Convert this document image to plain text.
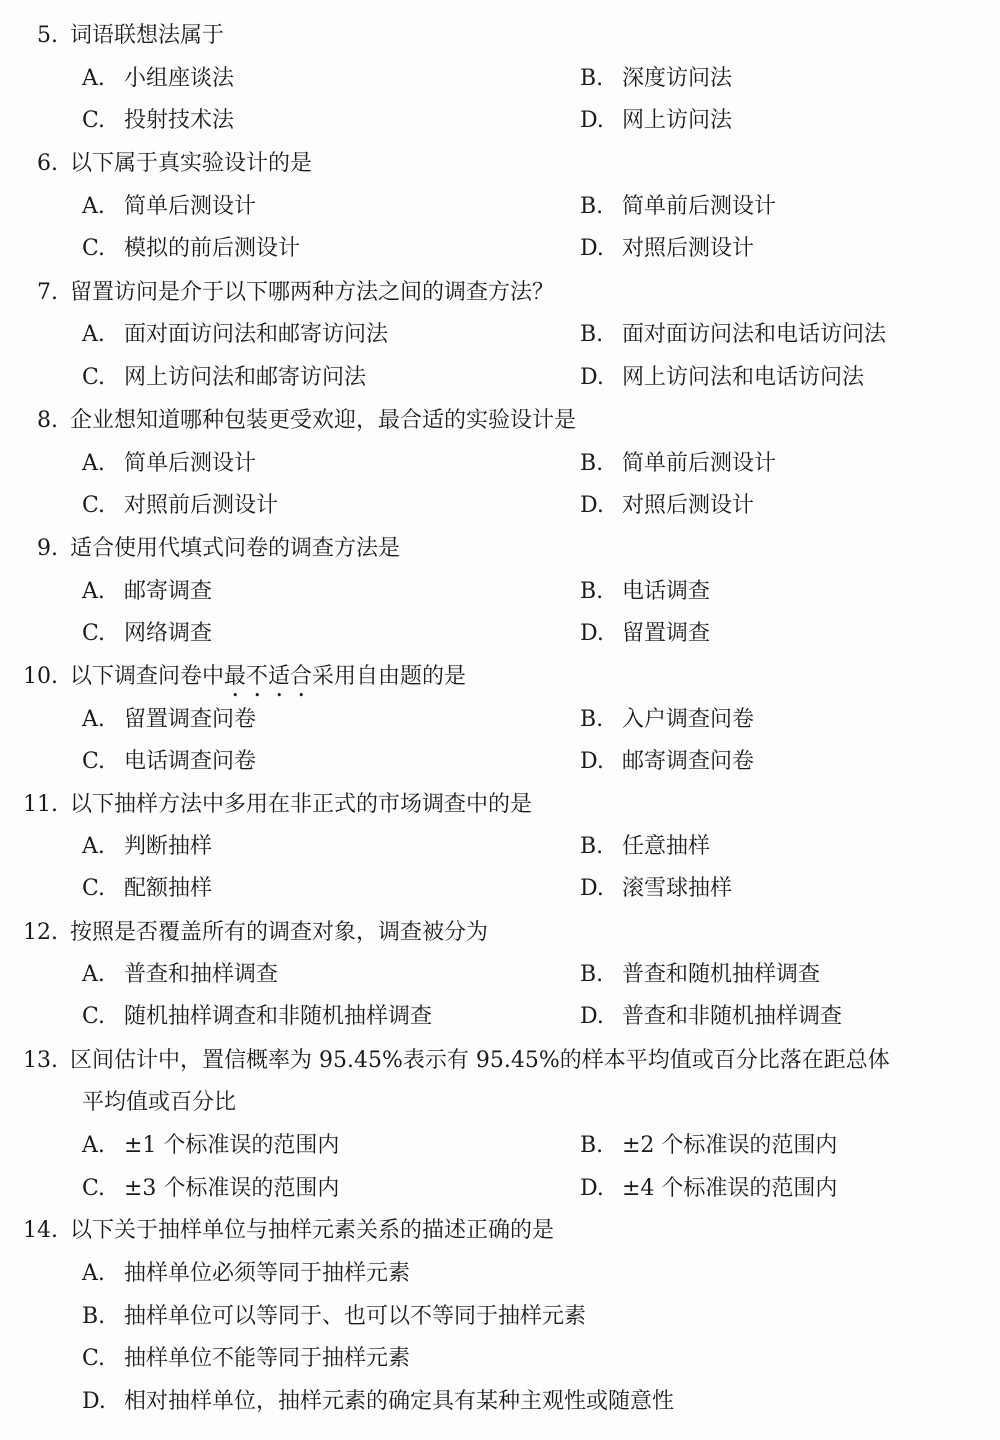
5. 词语联想法属于
A. 小组座谈法	B. 深度访问法
C. 投射技术法	D. 网上访问法
6. 以下属于真实验设计的是
A. 简单后测设计	B. 简单前后测设计
C. 模拟的前后测设计	D. 对照后测设计
7. 留置访问是介于以下哪两种方法之间的调查方法？
A. 面对面访问法和邮寄访问法	B. 面对面访问法和电话访问法
C. 网上访问法和邮寄访问法	D. 网上访问法和电话访问法
8. 企业想知道哪种包装更受欢迎，最合适的实验设计是
A. 简单后测设计	B. 简单前后测设计
C. 对照前后测设计	D. 对照后测设计
9. 适合使用代填式问卷的调查方法是
A. 邮寄调查	B. 电话调查
C. 网络调查	D. 留置调查
10. 以下调查问卷中最不适合采用自由题的是
A. 留置调查问卷	B. 入户调查问卷
C. 电话调查问卷	D. 邮寄调查问卷
11. 以下抽样方法中多用在非正式的市场调查中的是
A. 判断抽样	B. 任意抽样
C. 配额抽样	D. 滚雪球抽样
12. 按照是否覆盖所有的调查对象，调查被分为
A. 普查和抽样调查	B. 普查和随机抽样调查
C. 随机抽样调查和非随机抽样调查	D. 普查和非随机抽样调查
13. 区间估计中，置信概率为 95.45%表示有 95.45%的样本平均值或百分比落在距总体
平均值或百分比
A. ±1 个标准误的范围内	B. ±2 个标准误的范围内
C. ±3 个标准误的范围内	D. ±4 个标准误的范围内
14. 以下关于抽样单位与抽样元素关系的描述正确的是
A. 抽样单位必须等同于抽样元素
B. 抽样单位可以等同于、也可以不等同于抽样元素
C. 抽样单位不能等同于抽样元素
D. 相对抽样单位，抽样元素的确定具有某种主观性或随意性
